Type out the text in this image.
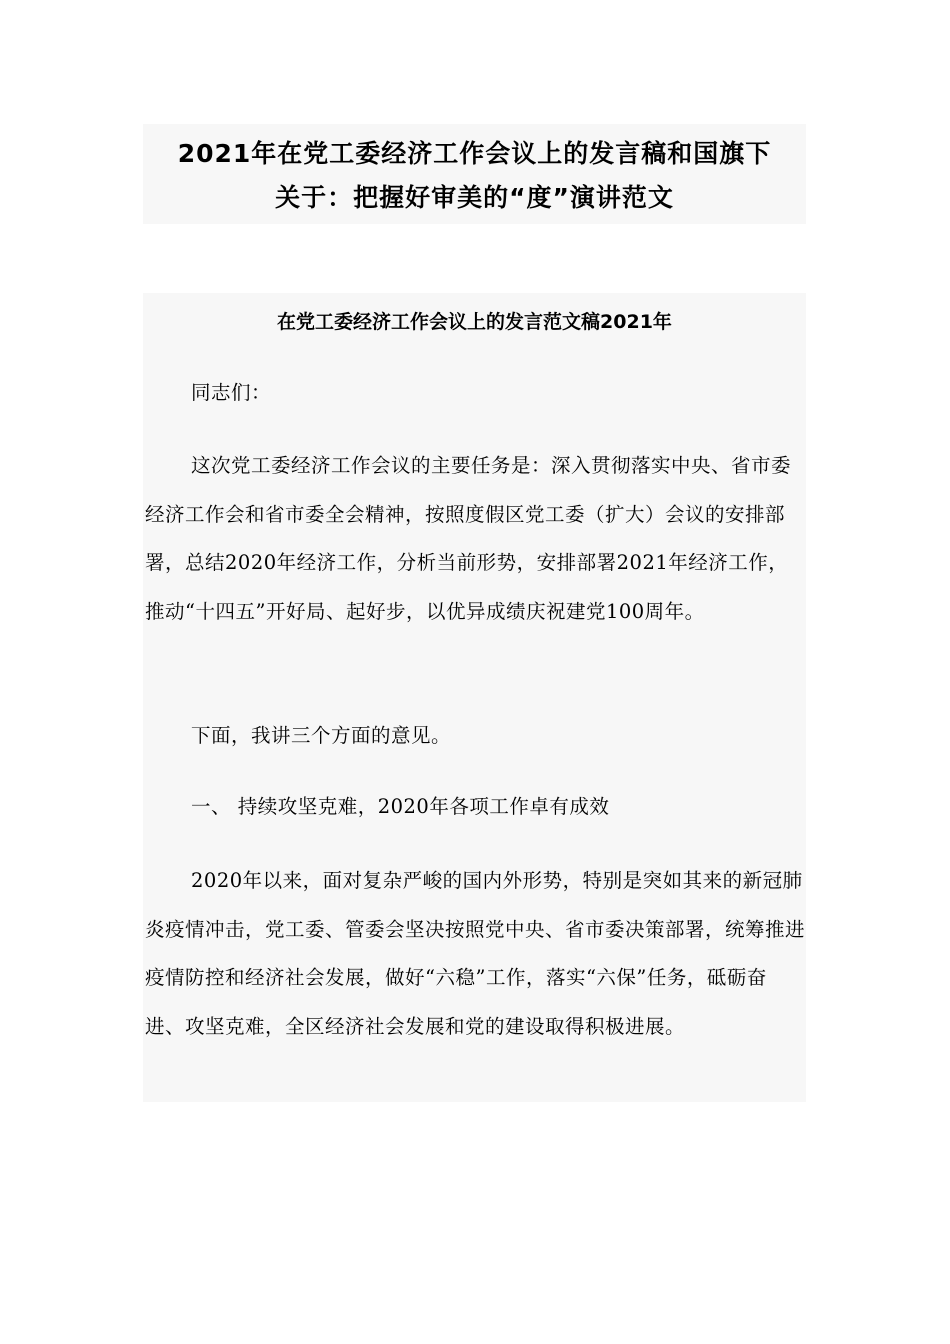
2021年在党工委经济工作会议上的发言稿和国旗下
关于：把握好审美的“度”演讲范文
在党工委经济工作会议上的发言范文稿2021年

同志们：

这次党工委经济工作会议的主要任务是：深入贯彻落实中央、省市委经济工作会和省市委全会精神，按照度假区党工委（扩大）会议的安排部署，总结2020年经济工作，分析当前形势，安排部署2021年经济工作，推动“十四五”开好局、起好步，以优异成绩庆祝建党100周年。

下面，我讲三个方面的意见。

一、 持续攻坚克难，2020年各项工作卓有成效

2020年以来，面对复杂严峻的国内外形势，特别是突如其来的新冠肺炎疫情冲击，党工委、管委会坚决按照党中央、省市委决策部署，统筹推进疫情防控和经济社会发展，做好“六稳”工作，落实“六保”任务，砥砺奋进、攻坚克难，全区经济社会发展和党的建设取得积极进展。
